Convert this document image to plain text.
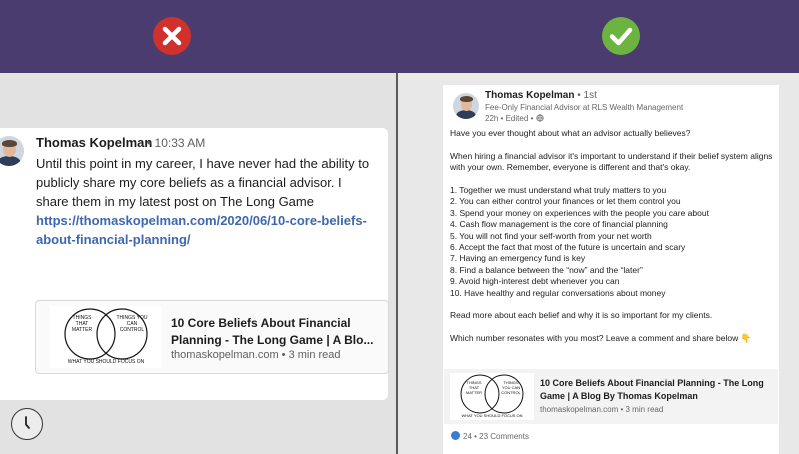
Thomas Kopelman
• 10:33 AM
Until this point in my career, I have never had the ability to publicly share my core beliefs as a financial advisor. I share them in my latest post on The Long Game https://thomaskopelman.com/2020/06/10-core-beliefs-about-financial-planning/
THINGS THAT MATTER
THINGS YOU CAN CONTROL
WHAT YOU SHOULD FOCUS ON
10 Core Beliefs About Financial Planning - The Long Game | A Blo...
thomaskopelman.com • 3 min read
Thomas Kopelman • 1st
Fee-Only Financial Advisor at RLS Wealth Management
22h • Edited •

Have you ever thought about what an advisor actually believes?

When hiring a financial advisor it's important to understand if their belief system aligns with your own. Remember, everyone is different and that's okay.

1. Together we must understand what truly matters to you

2. You can either control your finances or let them control you

3. Spend your money on experiences with the people you care about

4. Cash flow management is the core of financial planning

5. You will not find your self-worth from your net worth

6. Accept the fact that most of the future is uncertain and scary

7. Having an emergency fund is key

8. Find a balance between the “now” and the “later”

9. Avoid high-interest debt whenever you can

10. Have healthy and regular conversations about money

Read more about each belief and why it is so important for my clients.

Which number resonates with you most? Leave a comment and share below 👇

THINGS THAT MATTER
THINGS YOU CAN CONTROL
WHAT YOU SHOULD FOCUS ON
10 Core Beliefs About Financial Planning - The Long Game | A Blog By Thomas Kopelman
thomaskopelman.com • 3 min read
24 • 23 Comments
